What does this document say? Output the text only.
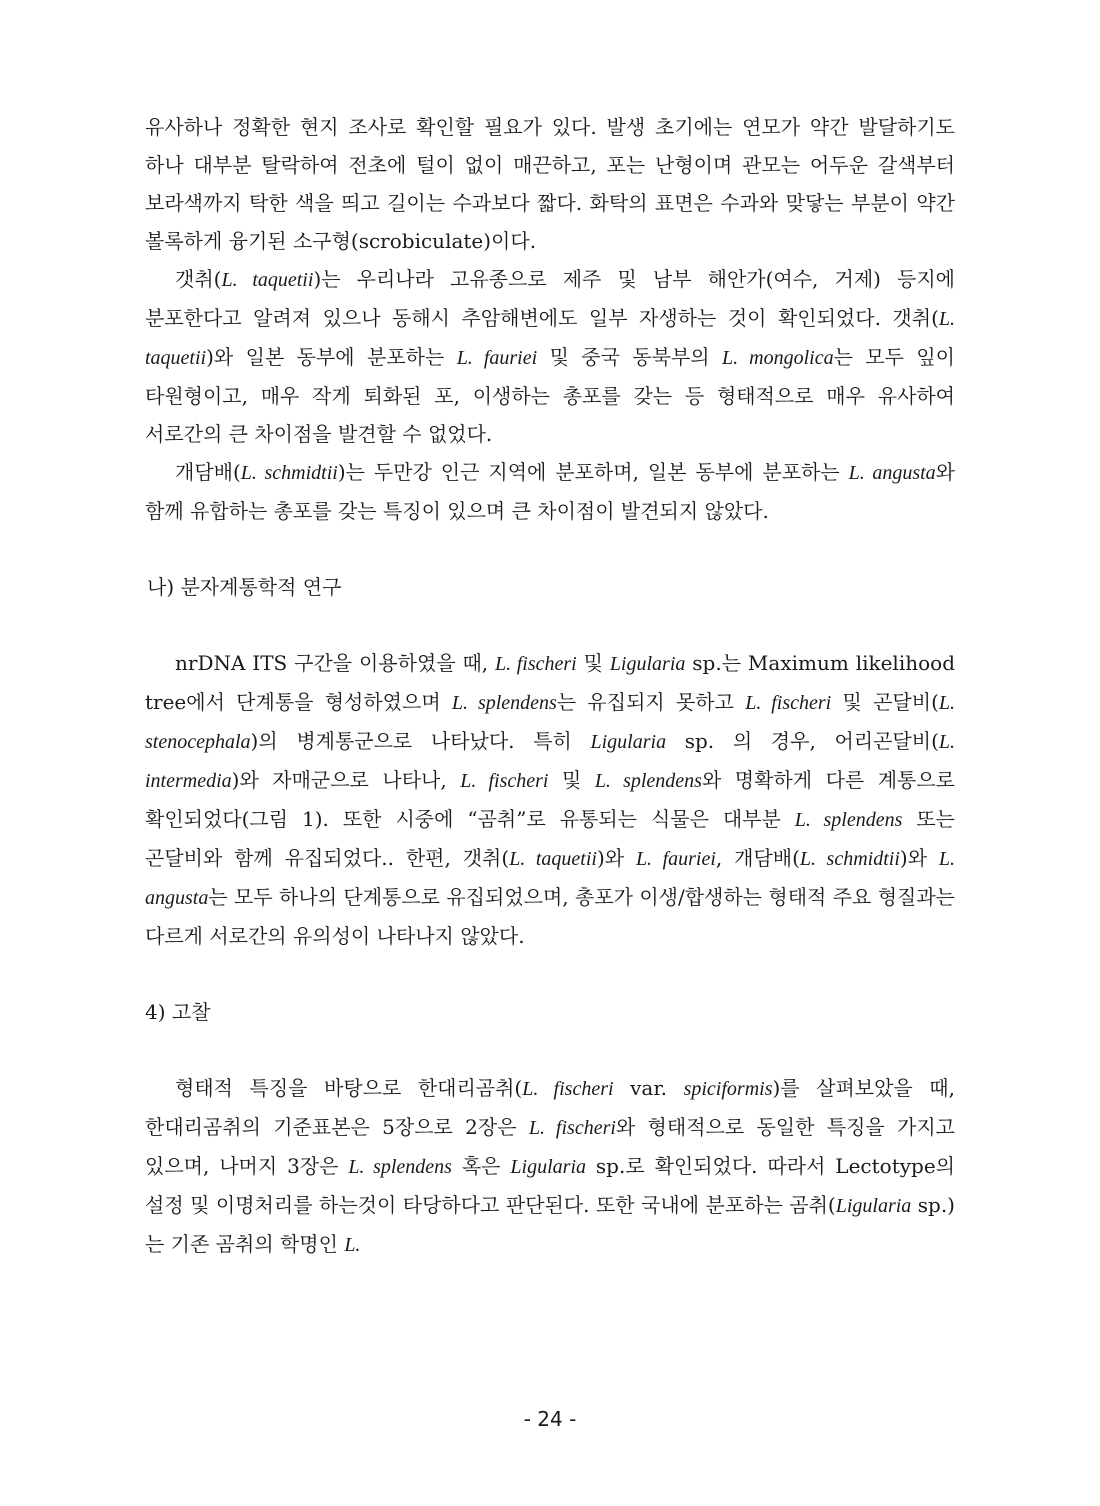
유사하나 정확한 현지 조사로 확인할 필요가 있다. 발생 초기에는 연모가 약간 발달하기도 하나 대부분 탈락하여 전초에 털이 없이 매끈하고, 포는 난형이며 관모는 어두운 갈색부터 보라색까지 탁한 색을 띄고 길이는 수과보다 짧다. 화탁의 표면은 수과와 맞닿는 부분이 약간 볼록하게 융기된 소구형(scrobiculate)이다.

갯취(L. taquetii)는 우리나라 고유종으로 제주 및 남부 해안가(여수, 거제) 등지에 분포한다고 알려져 있으나 동해시 추암해변에도 일부 자생하는 것이 확인되었다. 갯취(L. taquetii)와 일본 동부에 분포하는 L. fauriei 및 중국 동북부의 L. mongolica는 모두 잎이 타원형이고, 매우 작게 퇴화된 포, 이생하는 총포를 갖는 등 형태적으로 매우 유사하여 서로간의 큰 차이점을 발견할 수 없었다.

개담배(L. schmidtii)는 두만강 인근 지역에 분포하며, 일본 동부에 분포하는 L. angusta와 함께 유합하는 총포를 갖는 특징이 있으며 큰 차이점이 발견되지 않았다.

나) 분자계통학적 연구

nrDNA ITS 구간을 이용하였을 때, L. fischeri 및 Ligularia sp.는 Maximum likelihood tree에서 단계통을 형성하였으며 L. splendens는 유집되지 못하고 L. fischeri 및 곤달비(L. stenocephala)의 병계통군으로 나타났다. 특히 Ligularia sp. 의 경우, 어리곤달비(L. intermedia)와 자매군으로 나타나, L. fischeri 및 L. splendens와 명확하게 다른 계통으로 확인되었다(그림 1). 또한 시중에 “곰취”로 유통되는 식물은 대부분 L. splendens 또는 곤달비와 함께 유집되었다.. 한편, 갯취(L. taquetii)와 L. fauriei, 개담배(L. schmidtii)와 L. angusta는 모두 하나의 단계통으로 유집되었으며, 총포가 이생/합생하는 형태적 주요 형질과는 다르게 서로간의 유의성이 나타나지 않았다.

4) 고찰

형태적 특징을 바탕으로 한대리곰취(L. fischeri var. spiciformis)를 살펴보았을 때, 한대리곰취의 기준표본은 5장으로 2장은 L. fischeri와 형태적으로 동일한 특징을 가지고 있으며, 나머지 3장은 L. splendens 혹은 Ligularia sp.로 확인되었다. 따라서 Lectotype의 설정 및 이명처리를 하는것이 타당하다고 판단된다. 또한 국내에 분포하는 곰취(Ligularia sp.)는 기존 곰취의 학명인 L.

- 24 -
